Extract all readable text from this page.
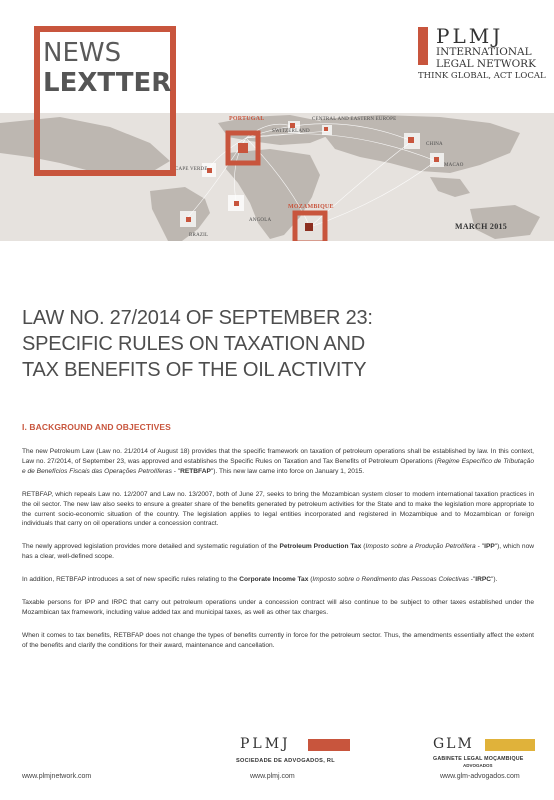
PORTUGAL	CENTRAL AND EASTERN EUROPE
SWITZERLAND
CHINA
MACAO
CAPE VERDE
MOZAMBIQUE
ANGOLA
BRAZIL
MARCH 2015
NEWS
LEXTTER
PLMJ
INTERNATIONAL
LEGAL NETWORK
THINK GLOBAL, ACT LOCAL
LAW NO. 27/2014 OF SEPTEMBER 23:
SPECIFIC RULES ON TAXATION AND
TAX BENEFITS OF THE OIL ACTIVITY
I. BACKGROUND AND OBJECTIVES

The new Petroleum Law (Law no. 21/2014 of August 18) provides that the specific framework on taxation of petroleum operations shall be established by law. In this context, Law no. 27/2014, of September 23, was approved and establishes the Specific Rules on Taxation and Tax Benefits of Petroleum Operations (Regime Específico de Tributação e de Benefícios Fiscais das Operações Petrolíferas - "RETBFAP"). This new law came into force on January 1, 2015.

RETBFAP, which repeals Law no. 12/2007 and Law no. 13/2007, both of June 27, seeks to bring the Mozambican system closer to modern international taxation practices in the oil sector. The new law also seeks to ensure a greater share of the benefits generated by petroleum activities for the State and to make the legislation more appropriate to the current socio-economic situation of the country. The legislation applies to legal entities incorporated and registered in Mozambique and to Mozambican or foreign individuals that carry on oil operations under a concession contract.

The newly approved legislation provides more detailed and systematic regulation of the Petroleum Production Tax (Imposto sobre a Produção Petrolífera - "IPP"), which now has a clear, well-defined scope.

In addition, RETBFAP introduces a set of new specific rules relating to the Corporate Income Tax (Imposto sobre o Rendimento das Pessoas Colectivas -"IRPC").

Taxable persons for IPP and IRPC that carry out petroleum operations under a concession contract will also continue to be subject to other taxes established under the Mozambican tax framework, including value added tax and municipal taxes, as well as other tax charges.

When it comes to tax benefits, RETBFAP does not change the types of benefits currently in force for the petroleum sector. Thus, the amendments essentially affect the extent of the benefits and clarify the conditions for their award, maintenance and cancellation.

PLMJ
SOCIEDADE DE ADVOGADOS, RL
GLM
GABINETE LEGAL MOÇAMBIQUE
ADVOGADOS
www.plmjnetwork.com	www.plmj.com	www.glm-advogados.com
